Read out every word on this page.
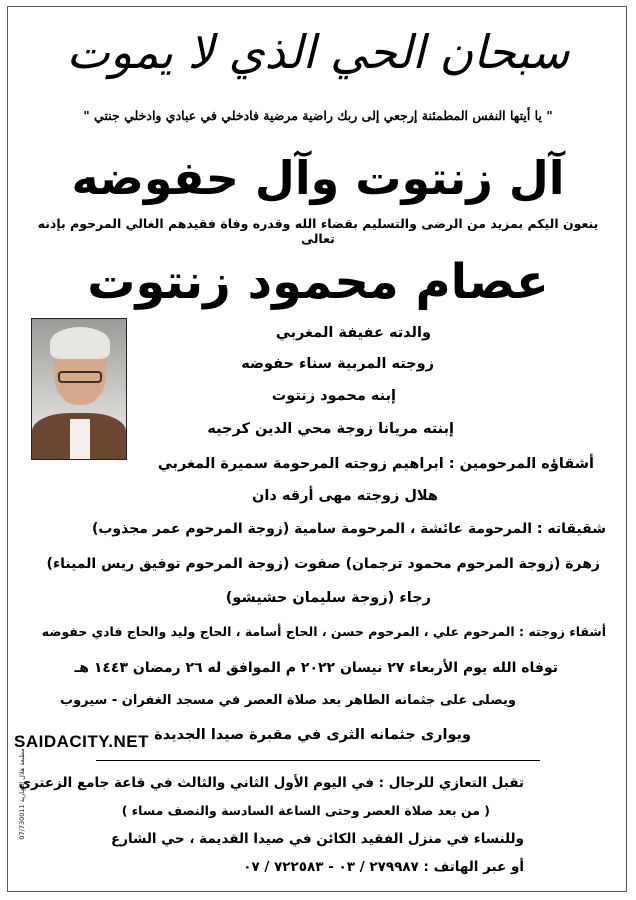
سبحان الحي الذي لا يموت
" يا أيتها النفس المطمئنة إرجعي إلى ربك راضية مرضية فادخلي في عبادي وادخلي جنتي "
آل زنتوت وآل حفوضه
ينعون اليكم بمزيد من الرضى والتسليم بقضاء الله وقدره وفاة فقيدهم الغالي المرحوم بإذنه تعالى
عصام محمود زنتوت
والدته عفيفة المغربي
زوجته المربية سناء حفوضه
إبنه محمود زنتوت
إبنته مريانا زوجة محي الدين كرجيه
أشقاؤه المرحومين : ابراهيم زوجته المرحومة سميرة المغربي
هلال زوجته مهى أرقه دان
شقيقاته : المرحومة عائشة ، المرحومة سامية (زوجة المرحوم عمر مجذوب)
زهرة (زوجة المرحوم محمود ترجمان) صفوت (زوجة المرحوم توفيق ريس الميناء)
رجاء (زوجة سليمان حشيشو)
أشقاء زوجته : المرحوم علي ، المرحوم حسن ، الحاج أسامة ، الحاج وليد والحاج فادي حفوضه
توفاه الله يوم الأربعاء ٢٧ نيسان ٢٠٢٢ م الموافق له ٢٦ رمضان ١٤٤٣ هـ
ويصلى على جثمانه الطاهر بعد صلاة العصر في مسجد الغفران - سيروب
ويوارى جثمانه الثرى في مقبرة صيدا الجديدة
SAIDACITY.NET
مطبعة هلال التجارية 07/730011
تقبل التعازي للرجال : في اليوم الأول الثاني والثالث في قاعة جامع الزعتري
( من بعد صلاة العصر وحتى الساعة السادسة والنصف مساء )
وللنساء في منزل الفقيد الكائن في صيدا القديمة ، حي الشارع
أو عبر الهاتف : ٢٧٩٩٨٧ / ٠٣ - ٧٢٢٥٨٣ / ٠٧
